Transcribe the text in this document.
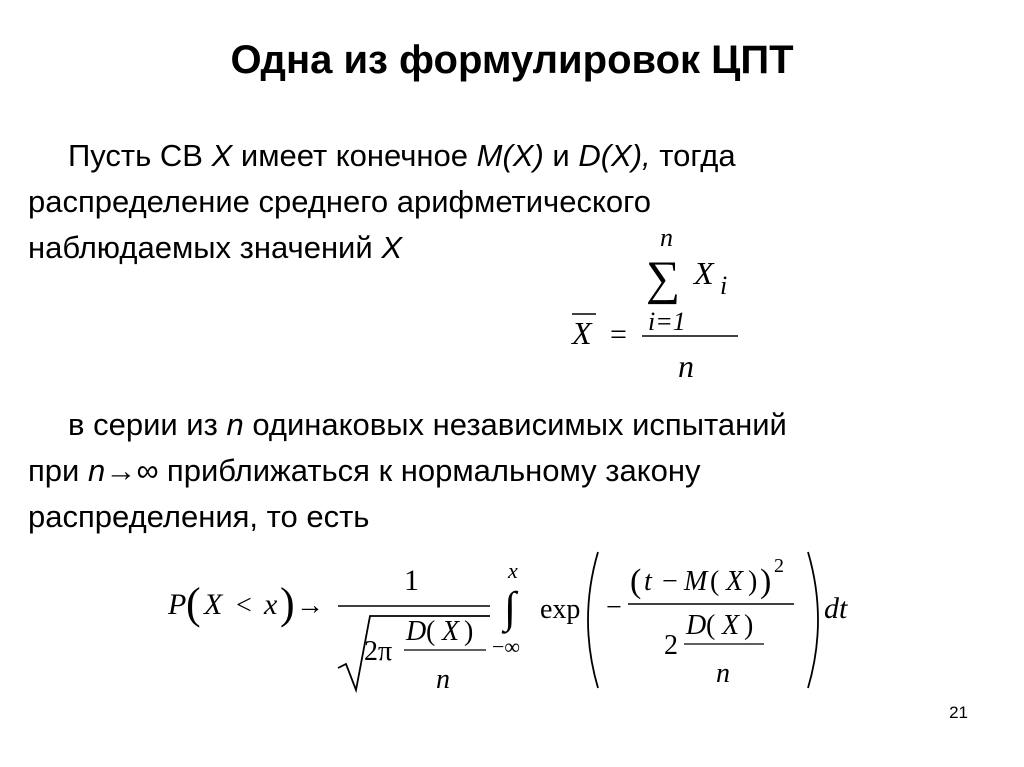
Одна из формулировок ЦПТ
Пусть СВ X имеет конечное M(X) и D(X), тогда
распределение среднего арифметического
наблюдаемых значений X	n
∑ X i
i=1
X =
n
в серии из n одинаковых независимых испытаний
при n→∞ приближаться к нормальному закону
распределения, то есть
P ( X < x ) →
1
2π
D ( X )
n
x
∫
−∞
exp −
( t − M ( X ) ) 2
2
D ( X )
n
dt
21
